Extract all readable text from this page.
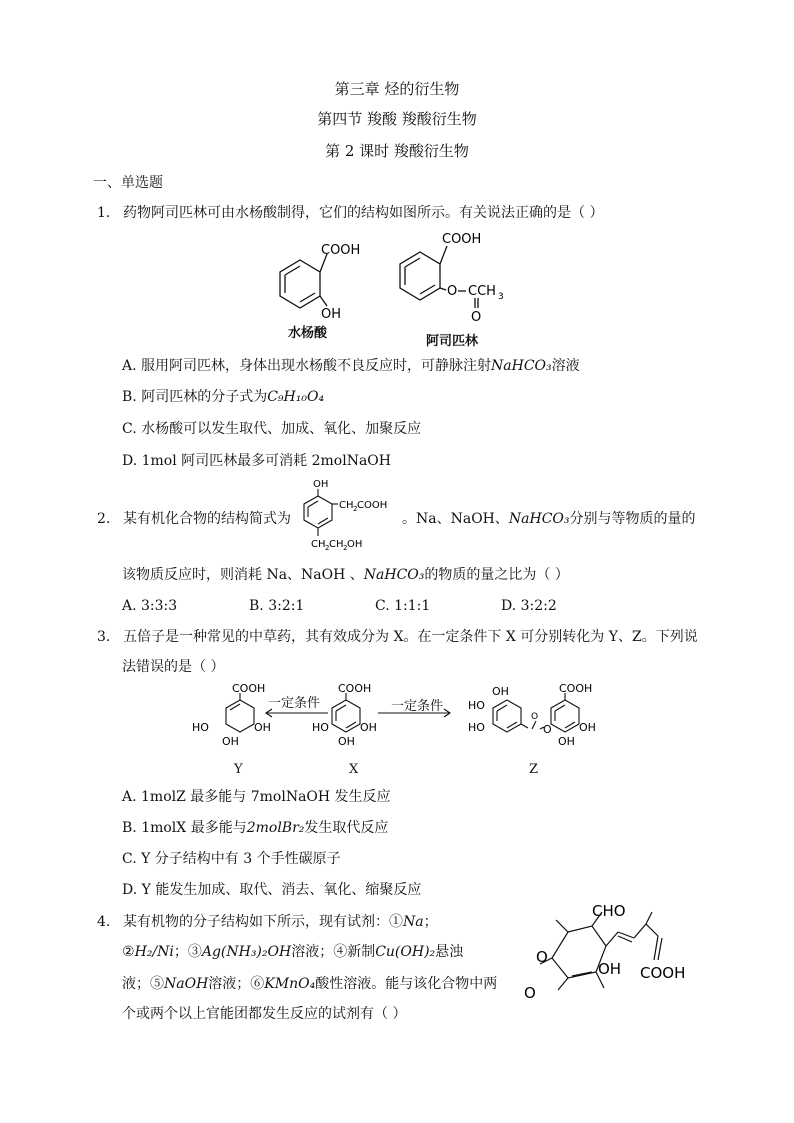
第三章 烃的衍生物
第四节 羧酸 羧酸衍生物
第 2 课时 羧酸衍生物
一、单选题
1. 药物阿司匹林可由水杨酸制得，它们的结构如图所示。有关说法正确的是（ ）
COOH
OH
水杨酸
COOH
O CCH 3
O
阿司匹林
A. 服用阿司匹林，身体出现水杨酸不良反应时，可静脉注射NaHCO₃溶液
B. 阿司匹林的分子式为C₉H₁₀O₄
C. 水杨酸可以发生取代、加成、氧化、加聚反应
D. 1mol 阿司匹林最多可消耗 2molNaOH
2. 某有机化合物的结构简式为
OH
CH 2 COOH
CH 2 CH 2 OH
。Na、NaOH、NaHCO₃分别与等物质的量的
该物质反应时，则消耗 Na、NaOH 、NaHCO₃的物质的量之比为（ ）
A. 3:3:3	B. 3:2:1	C. 1:1:1	D. 3:2:2
3. 五倍子是一种常见的中草药，其有效成分为 X。在一定条件下 X 可分别转化为 Y、Z。下列说
法错误的是（ ）
COOH
HO	OH
OH
COOH
HO	OH
OH
OH
HO
HO
O
O
COOH
OH
OH
一定条件	一定条件
Y	X	Z
A. 1molZ 最多能与 7molNaOH 发生反应
B. 1molX 最多能与2molBr₂发生取代反应
C. Y 分子结构中有 3 个手性碳原子
D. Y 能发生加成、取代、消去、氧化、缩聚反应
4. 某有机物的分子结构如下所示，现有试剂：①Na；
②H₂/Ni；③Ag(NH₃)₂OH溶液；④新制Cu(OH)₂悬浊
液；⑤NaOH溶液；⑥KMnO₄酸性溶液。能与该化合物中两
个或两个以上官能团都发生反应的试剂有（ ）
CHO
OH COOH
O
O
